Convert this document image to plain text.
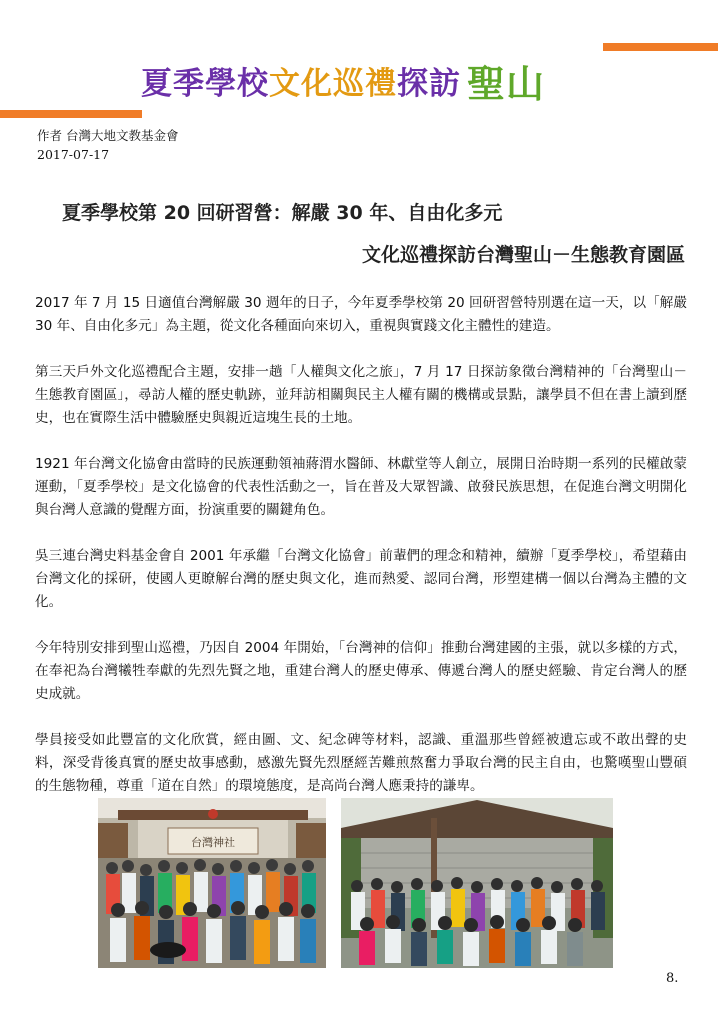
夏季學校 文化巡禮 探訪 聖山
作者 台灣大地文教基金會
2017-07-17
夏季學校第 20 回研習營：解嚴 30 年、自由化多元
文化巡禮探訪台灣聖山－生態教育園區

2017 年 7 月 15 日適值台灣解嚴 30 週年的日子，今年夏季學校第 20 回研習營特別選在這一天，以「解嚴 30 年、自由化多元」為主題，從文化各種面向來切入，重視與實踐文化主體性的建造。

第三天戶外文化巡禮配合主題，安排一趟「人權與文化之旅」，7 月 17 日探訪象徵台灣精神的「台灣聖山－生態教育園區」，尋訪人權的歷史軌跡，並拜訪相關與民主人權有關的機構或景點，讓學員不但在書上讀到歷史，也在實際生活中體驗歷史與親近這塊生長的土地。

1921 年台灣文化協會由當時的民族運動領袖蔣渭水醫師、林獻堂等人創立，展開日治時期一系列的民權啟蒙運動，「夏季學校」是文化協會的代表性活動之一，旨在普及大眾智識、啟發民族思想，在促進台灣文明開化與台灣人意識的覺醒方面，扮演重要的關鍵角色。

吳三連台灣史料基金會自 2001 年承繼「台灣文化協會」前輩們的理念和精神，續辦「夏季學校」，希望藉由台灣文化的採研，使國人更瞭解台灣的歷史與文化，進而熱愛、認同台灣，形塑建構一個以台灣為主體的文化。

今年特別安排到聖山巡禮，乃因自 2004 年開始，「台灣神的信仰」推動台灣建國的主張，就以多樣的方式，在奉祀為台灣犧牲奉獻的先烈先賢之地，重建台灣人的歷史傳承、傳遞台灣人的歷史經驗、肯定台灣人的歷史成就。

學員接受如此豐富的文化欣賞，經由圖、文、紀念碑等材料，認識、重溫那些曾經被遺忘或不敢出聲的史料，深受背後真實的歷史故事感動，感激先賢先烈歷經苦難煎熬奮力爭取台灣的民主自由，也驚嘆聖山豐碩的生態物種，尊重「道在自然」的環境態度，是高尚台灣人應秉持的謙卑。

台灣神社
8.
